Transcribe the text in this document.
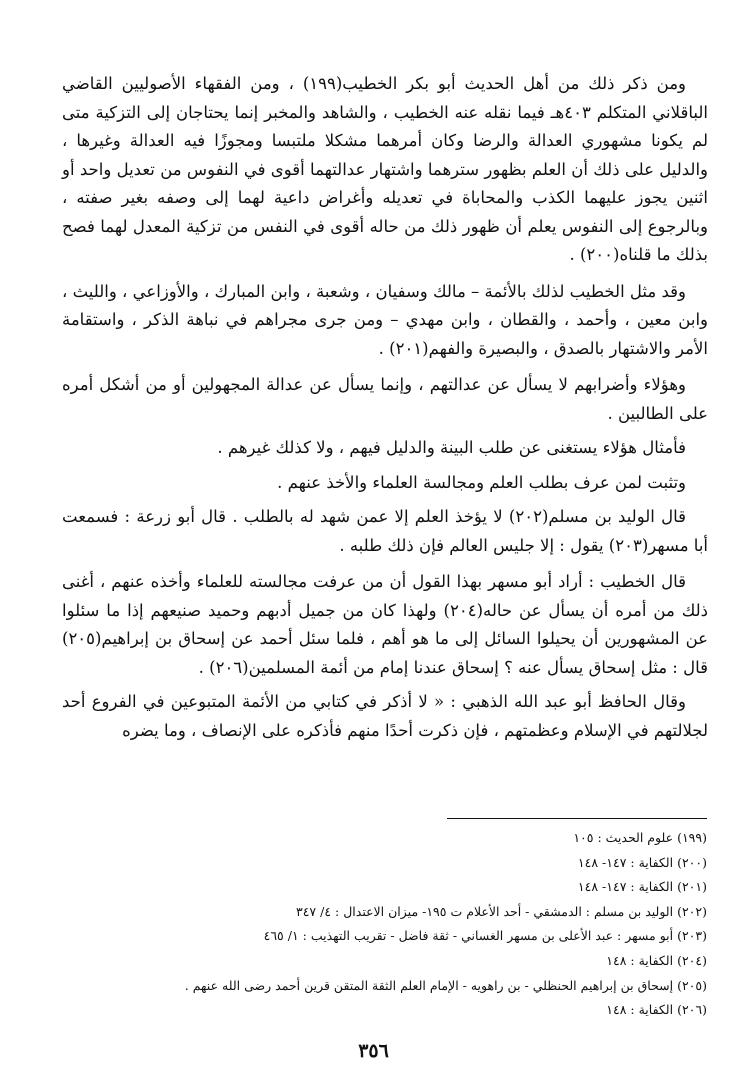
ومن ذكر ذلك من أهل الحديث أبو بكر الخطيب(١٩٩) ، ومن الفقهاء الأصوليين القاضي الباقلاني المتكلم ٤٠٣هـ فيما نقله عنه الخطيب ، والشاهد والمخبر إنما يحتاجان إلى التزكية متى لم يكونا مشهوري العدالة والرضا وكان أمرهما مشكلا ملتبسا ومجوزًا فيه العدالة وغيرها ، والدليل على ذلك أن العلم بظهور سترهما واشتهار عدالتهما أقوى في النفوس من تعديل واحد أو اثنين يجوز عليهما الكذب والمحاباة في تعديله وأغراض داعية لهما إلى وصفه بغير صفته ، وبالرجوع إلى النفوس يعلم أن ظهور ذلك من حاله أقوى في النفس من تزكية المعدل لهما فصح بذلك ما قلناه(٢٠٠) .

وقد مثل الخطيب لذلك بالأئمة – مالك وسفيان ، وشعبة ، وابن المبارك ، والأوزاعي ، والليث ، وابن معين ، وأحمد ، والقطان ، وابن مهدي – ومن جرى مجراهم في نباهة الذكر ، واستقامة الأمر والاشتهار بالصدق ، والبصيرة والفهم(٢٠١) .

وهؤلاء وأضرابهم لا يسأل عن عدالتهم ، وإنما يسأل عن عدالة المجهولين أو من أشكل أمره على الطالبين .

فأمثال هؤلاء يستغنى عن طلب البينة والدليل فيهم ، ولا كذلك غيرهم .

وتثبت لمن عرف بطلب العلم ومجالسة العلماء والأخذ عنهم .

قال الوليد بن مسلم(٢٠٢) لا يؤخذ العلم إلا عمن شهد له بالطلب . قال أبو زرعة : فسمعت أبا مسهر(٢٠٣) يقول : إلا جليس العالم فإن ذلك طلبه .

قال الخطيب : أراد أبو مسهر بهذا القول أن من عرفت مجالسته للعلماء وأخذه عنهم ، أغنى ذلك من أمره أن يسأل عن حاله(٢٠٤) ولهذا كان من جميل أدبهم وحميد صنيعهم إذا ما سئلوا عن المشهورين أن يحيلوا السائل إلى ما هو أهم ، فلما سئل أحمد عن إسحاق بن إبراهيم(٢٠٥) قال : مثل إسحاق يسأل عنه ؟ إسحاق عندنا إمام من أئمة المسلمين(٢٠٦) .

وقال الحافظ أبو عبد الله الذهبي : « لا أذكر في كتابي من الأئمة المتبوعين في الفروع أحد لجلالتهم في الإسلام وعظمتهم ، فإن ذكرت أحدًا منهم فأذكره على الإنصاف ، وما يضره

(١٩٩) علوم الحديث : ١٠٥
(٢٠٠) الكفاية : ١٤٧- ١٤٨
(٢٠١) الكفاية : ١٤٧- ١٤٨
(٢٠٢) الوليد بن مسلم : الدمشقي - أحد الأعلام ت ١٩٥- ميزان الاعتدال : ٤/ ٣٤٧
(٢٠٣) أبو مسهر : عبد الأعلى بن مسهر الغساني - ثقة فاضل - تقريب التهذيب : ١/ ٤٦٥
(٢٠٤) الكفاية : ١٤٨
(٢٠٥) إسحاق بن إبراهيم الحنظلي - بن راهويه - الإمام العلم الثقة المتقن قرين أحمد رضى الله عنهم .
(٢٠٦) الكفاية : ١٤٨
٣٥٦
